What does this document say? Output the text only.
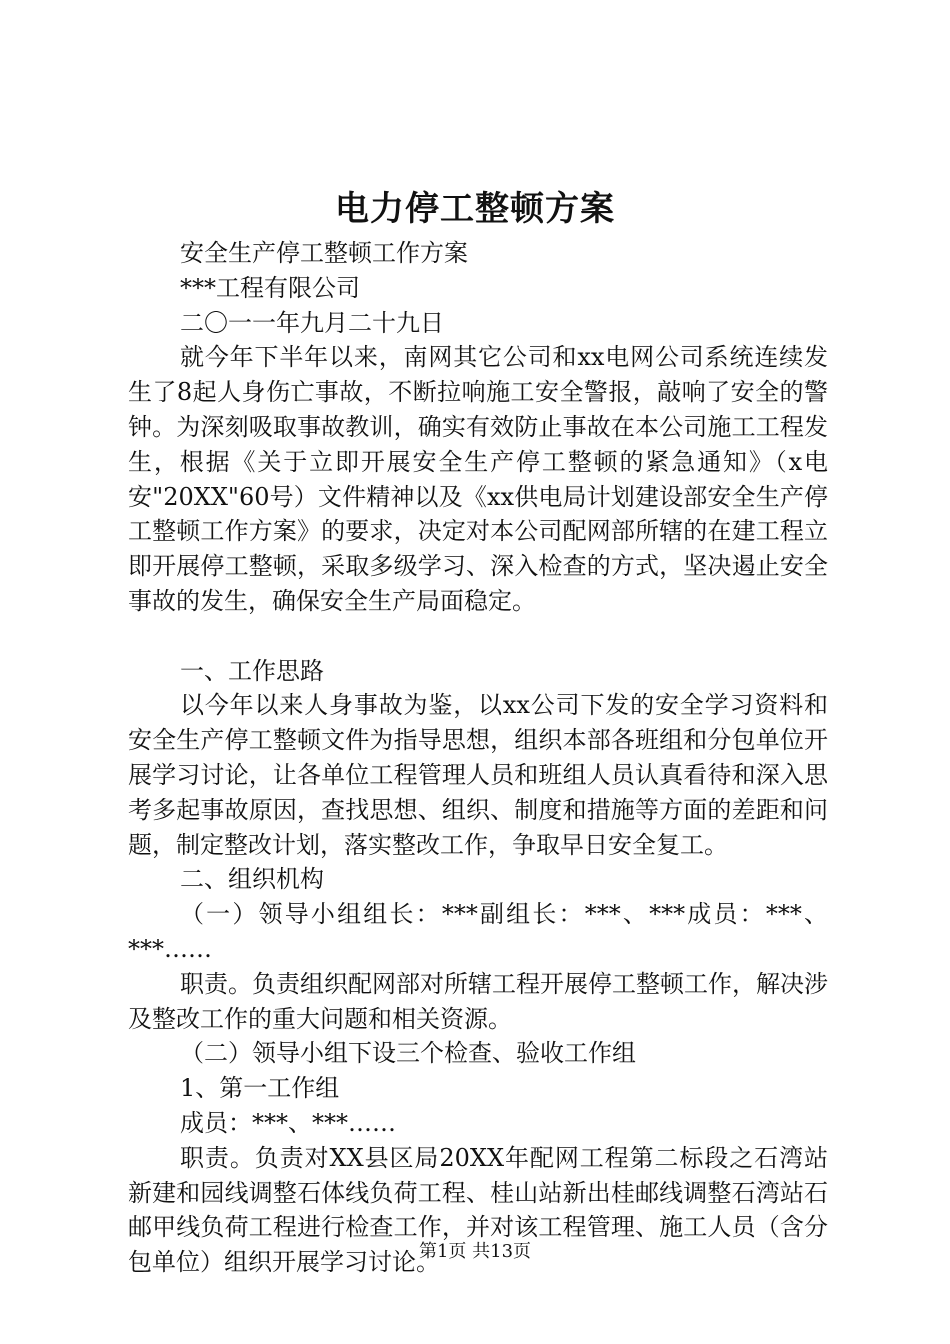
电力停工整顿方案

安全生产停工整顿工作方案

***工程有限公司

二〇一一年九月二十九日

就今年下半年以来，南网其它公司和xx电网公司系统连续发生了8起人身伤亡事故，不断拉响施工安全警报，敲响了安全的警钟。为深刻吸取事故教训，确实有效防止事故在本公司施工工程发生，根据《关于立即开展安全生产停工整顿的紧急通知》（x电安"20XX"60号）文件精神以及《xx供电局计划建设部安全生产停工整顿工作方案》的要求，决定对本公司配网部所辖的在建工程立即开展停工整顿，采取多级学习、深入检查的方式，坚决遏止安全事故的发生，确保安全生产局面稳定。

一、工作思路

以今年以来人身事故为鉴，以xx公司下发的安全学习资料和安全生产停工整顿文件为指导思想，组织本部各班组和分包单位开展学习讨论，让各单位工程管理人员和班组人员认真看待和深入思考多起事故原因，查找思想、组织、制度和措施等方面的差距和问题，制定整改计划，落实整改工作，争取早日安全复工。

二、组织机构

（一）领导小组组长：***副组长：***、***成员：***、***……

职责。负责组织配网部对所辖工程开展停工整顿工作，解决涉及整改工作的重大问题和相关资源。

（二）领导小组下设三个检查、验收工作组

1、第一工作组

成员：***、***……

职责。负责对XX县区局20XX年配网工程第二标段之石湾站新建和园线调整石体线负荷工程、桂山站新出桂邮线调整石湾站石邮甲线负荷工程进行检查工作，并对该工程管理、施工人员（含分包单位）组织开展学习讨论。

第1页 共13页
